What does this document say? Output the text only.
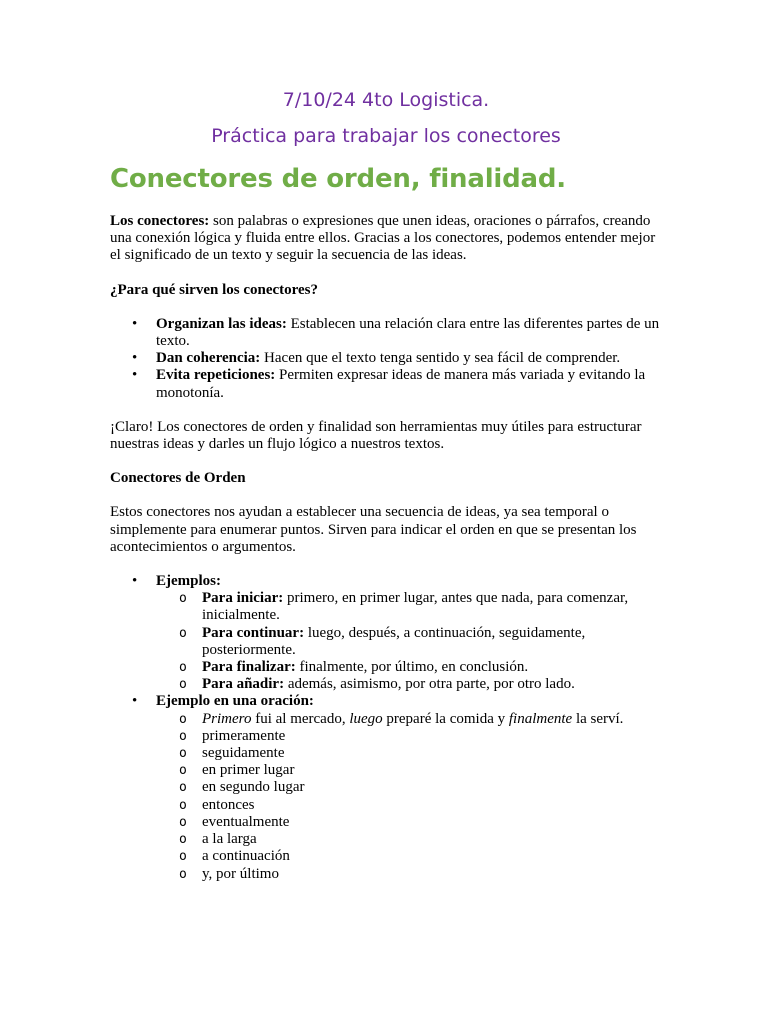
7/10/24 4to Logistica.

Práctica para trabajar los conectores

Conectores de orden, finalidad.

Los conectores: son palabras o expresiones que unen ideas, oraciones o párrafos, creando una conexión lógica y fluida entre ellos. Gracias a los conectores, podemos entender mejor el significado de un texto y seguir la secuencia de las ideas.

¿Para qué sirven los conectores?

• Organizan las ideas: Establecen una relación clara entre las diferentes partes de un texto.
• Dan coherencia: Hacen que el texto tenga sentido y sea fácil de comprender.
• Evita repeticiones: Permiten expresar ideas de manera más variada y evitando la monotonía.

¡Claro! Los conectores de orden y finalidad son herramientas muy útiles para estructurar nuestras ideas y darles un flujo lógico a nuestros textos.

Conectores de Orden

Estos conectores nos ayudan a establecer una secuencia de ideas, ya sea temporal o simplemente para enumerar puntos. Sirven para indicar el orden en que se presentan los acontecimientos o argumentos.

• Ejemplos:
o Para iniciar: primero, en primer lugar, antes que nada, para comenzar, inicialmente.
o Para continuar: luego, después, a continuación, seguidamente, posteriormente.
o Para finalizar: finalmente, por último, en conclusión.
o Para añadir: además, asimismo, por otra parte, por otro lado.
• Ejemplo en una oración:
o Primero fui al mercado, luego preparé la comida y finalmente la serví.
o primeramente
o seguidamente
o en primer lugar
o en segundo lugar
o entonces
o eventualmente
o a la larga
o a continuación
o y, por último
